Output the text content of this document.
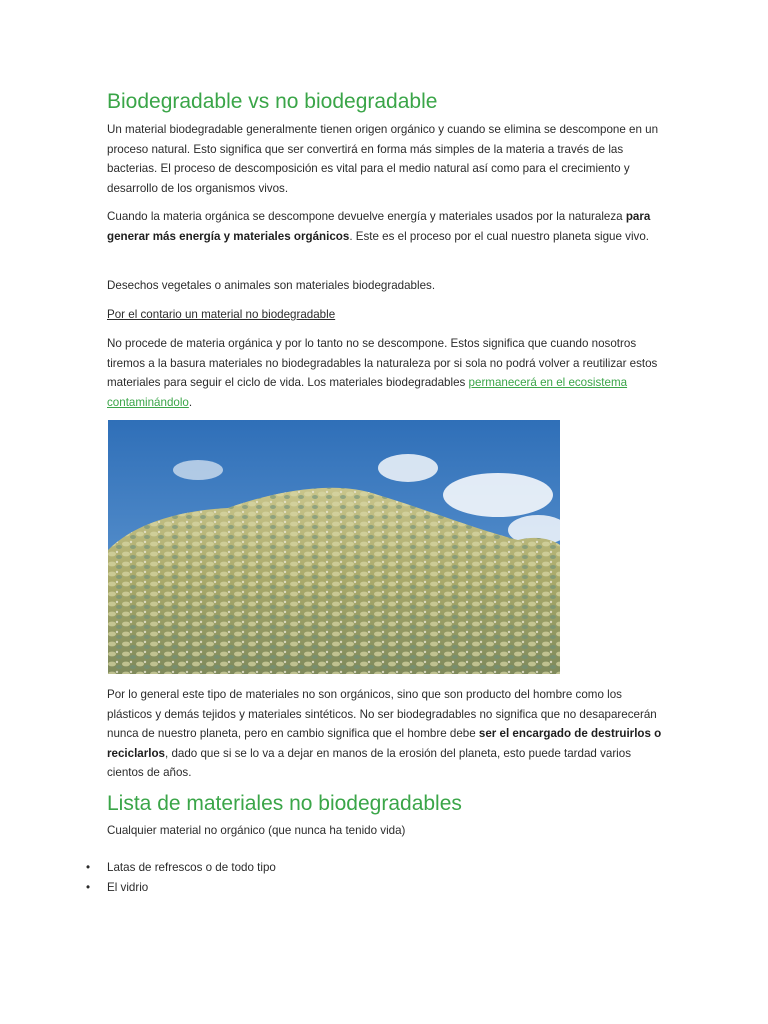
Biodegradable vs no biodegradable

Un material biodegradable generalmente tienen origen orgánico y cuando se elimina se descompone en un proceso natural. Esto significa que ser convertirá en forma más simples de la materia a través de las bacterias. El proceso de descomposición es vital para el medio natural así como para el crecimiento y desarrollo de los organismos vivos.

Cuando la materia orgánica se descompone devuelve energía y materiales usados por la naturaleza para generar más energía y materiales orgánicos. Este es el proceso por el cual nuestro planeta sigue vivo.

Desechos vegetales o animales son materiales biodegradables.

Por el contario un material no biodegradable

No procede de materia orgánica y por lo tanto no se descompone. Estos significa que cuando nosotros tiremos a la basura materiales no biodegradables la naturaleza por si sola no podrá volver a reutilizar estos materiales para seguir el ciclo de vida. Los materiales biodegradables permanecerá en el ecosistema contaminándolo.

Por lo general este tipo de materiales no son orgánicos, sino que son producto del hombre como los plásticos y demás tejidos y materiales sintéticos. No ser biodegradables no significa que no desaparecerán nunca de nuestro planeta, pero en cambio significa que el hombre debe ser el encargado de destruirlos o reciclarlos, dado que si se lo va a dejar en manos de la erosión del planeta, esto puede tardad varios cientos de años.

Lista de materiales no biodegradables

Cualquier material no orgánico (que nunca ha tenido vida)

• Latas de refrescos o de todo tipo
• El vidrio
